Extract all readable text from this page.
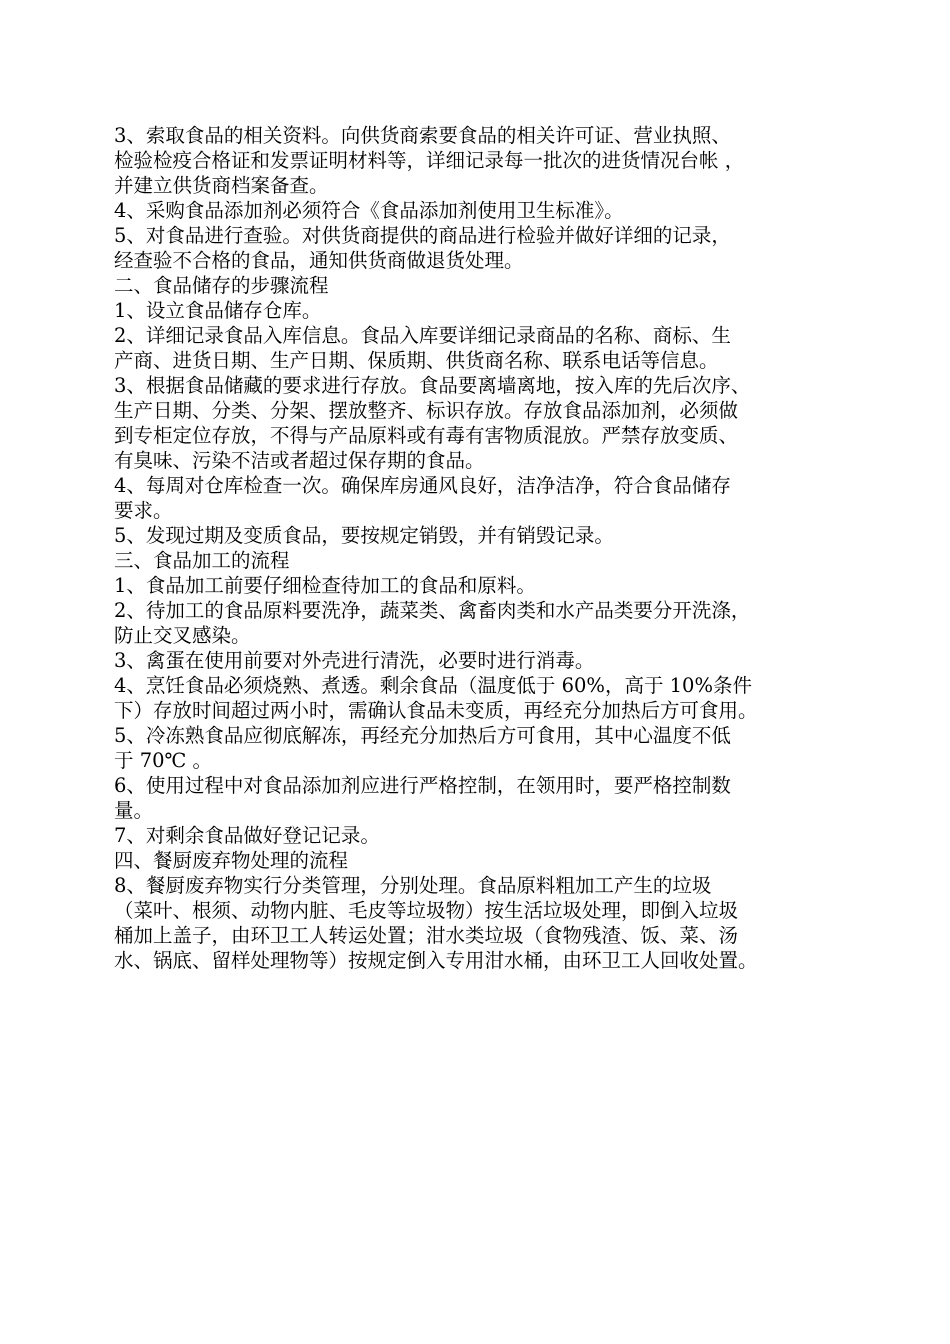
3、索取食品的相关资料。向供货商索要食品的相关许可证、营业执照、
检验检疫合格证和发票证明材料等，详细记录每一批次的进货情况台帐 ，
并建立供货商档案备查。
4、采购食品添加剂必须符合《食品添加剂使用卫生标准》。
5、对食品进行查验。对供货商提供的商品进行检验并做好详细的记录，
经查验不合格的食品，通知供货商做退货处理。
二、食品储存的步骤流程
1、设立食品储存仓库。
2、详细记录食品入库信息。食品入库要详细记录商品的名称、商标、生
产商、进货日期、生产日期、保质期、供货商名称、联系电话等信息。
3、根据食品储藏的要求进行存放。食品要离墙离地，按入库的先后次序、
生产日期、分类、分架、摆放整齐、标识存放。存放食品添加剂，必须做
到专柜定位存放，不得与产品原料或有毒有害物质混放。严禁存放变质、
有臭味、污染不洁或者超过保存期的食品。
4、每周对仓库检查一次。确保库房通风良好，洁净洁净，符合食品储存
要求。
5、发现过期及变质食品，要按规定销毁，并有销毁记录。
三、食品加工的流程
1、食品加工前要仔细检查待加工的食品和原料。
2、待加工的食品原料要洗净，蔬菜类、禽畜肉类和水产品类要分开洗涤，
防止交叉感染。
3、禽蛋在使用前要对外壳进行清洗，必要时进行消毒。
4、烹饪食品必须烧熟、煮透。剩余食品（温度低于 60%，高于 10%条件
下）存放时间超过两小时，需确认食品未变质，再经充分加热后方可食用。
5、冷冻熟食品应彻底解冻，再经充分加热后方可食用，其中心温度不低
于 70℃ 。
6、使用过程中对食品添加剂应进行严格控制，在领用时，要严格控制数
量。
7、对剩余食品做好登记记录。
四、餐厨废弃物处理的流程
8、餐厨废弃物实行分类管理，分别处理。食品原料粗加工产生的垃圾
（菜叶、根须、动物内脏、毛皮等垃圾物）按生活垃圾处理，即倒入垃圾
桶加上盖子，由环卫工人转运处置；泔水类垃圾（食物残渣、饭、菜、汤
水、锅底、留样处理物等）按规定倒入专用泔水桶，由环卫工人回收处置。
